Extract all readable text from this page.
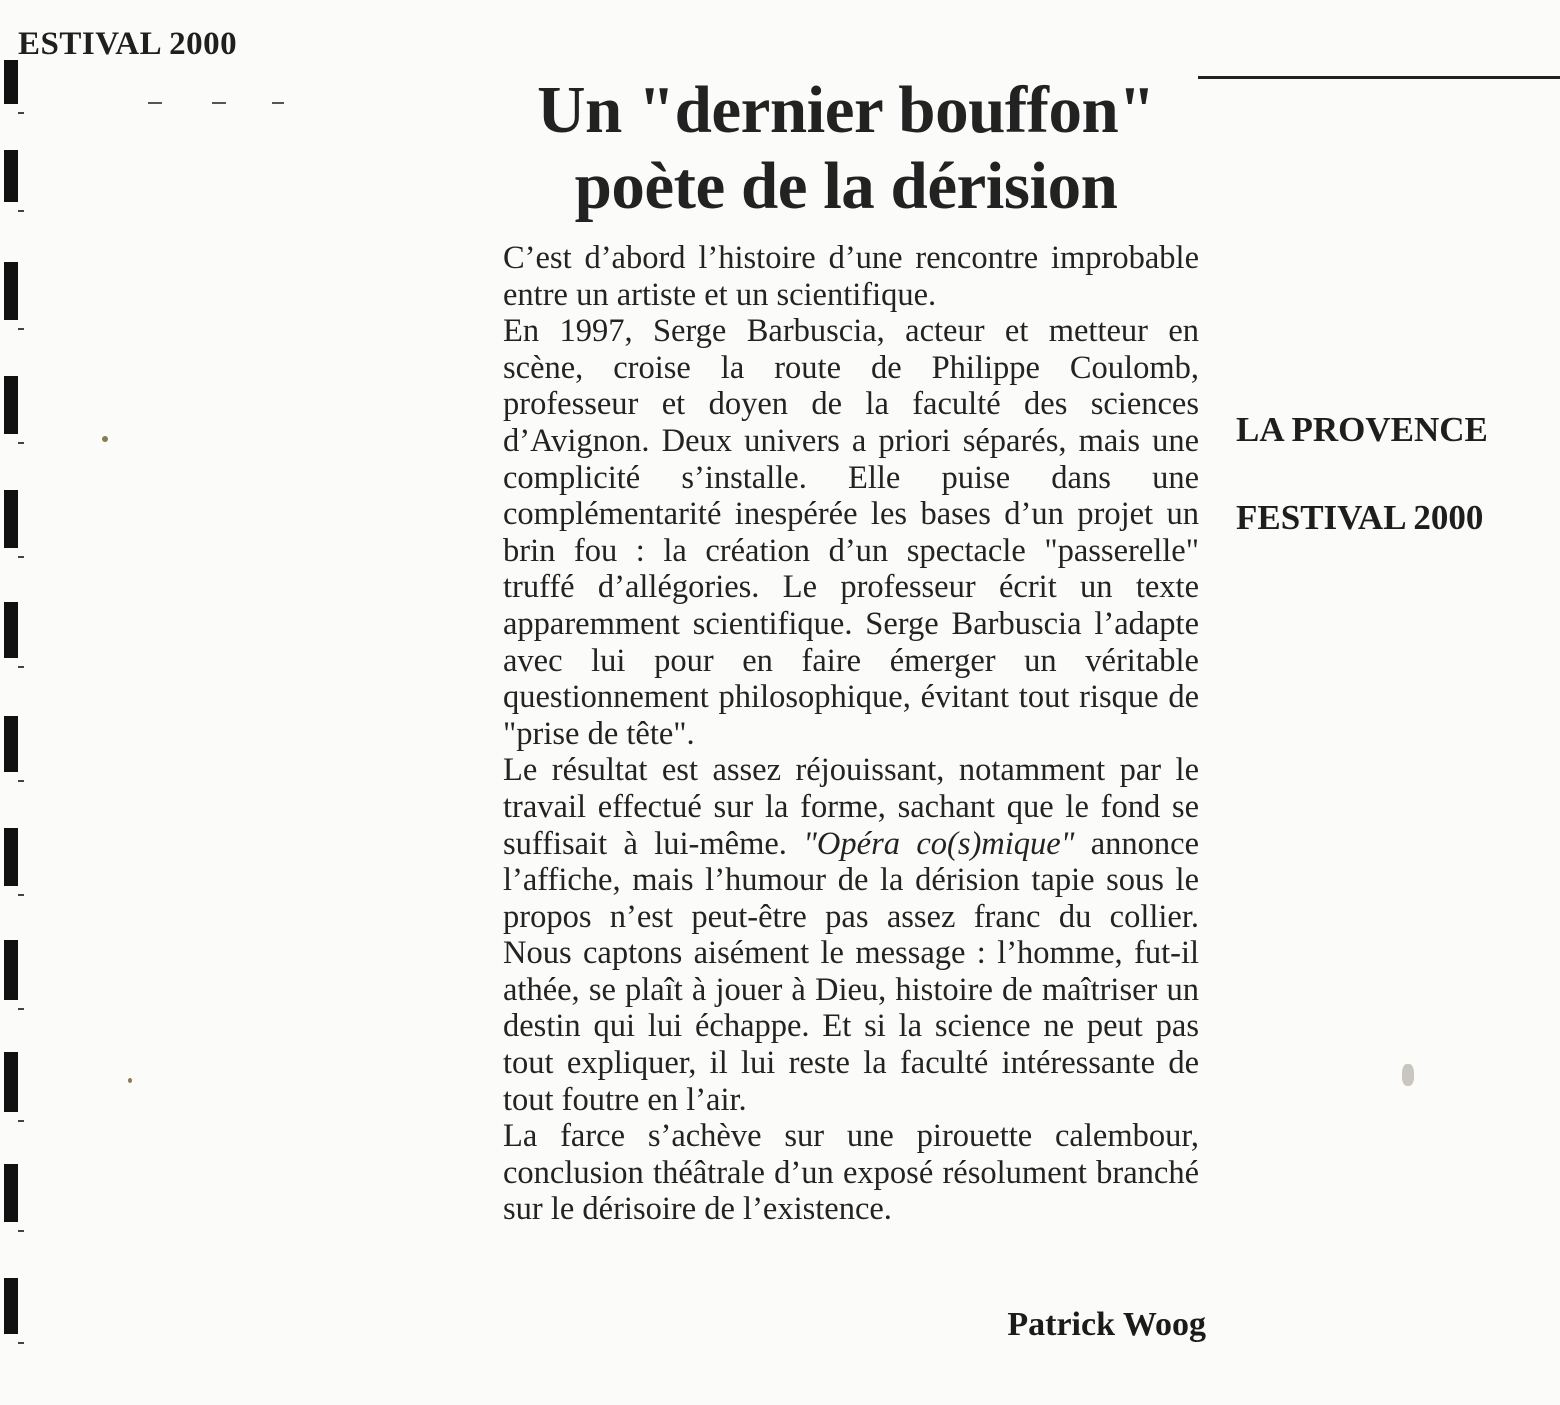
ESTIVAL 2000
Un "dernier bouffon"
poète de la dérision

C’est d’abord l’histoire d’une rencontre improbable entre un artiste et un scientifique.

En 1997, Serge Barbuscia, acteur et metteur en scène, croise la route de Philippe Coulomb, professeur et doyen de la faculté des sciences d’Avignon. Deux univers a priori séparés, mais une complicité s’installe. Elle puise dans une complémentarité inespérée les bases d’un projet un brin fou : la création d’un spectacle "passerelle" truffé d’allégories. Le professeur écrit un texte apparemment scientifique. Serge Barbuscia l’adapte avec lui pour en faire émerger un véritable questionnement philosophique, évitant tout risque de "prise de tête".

Le résultat est assez réjouissant, notamment par le travail effectué sur la forme, sachant que le fond se suffisait à lui-même. "Opéra co(s)mique" annonce l’affiche, mais l’humour de la dérision tapie sous le propos n’est peut-être pas assez franc du collier. Nous captons aisément le message : l’homme, fut-il athée, se plaît à jouer à Dieu, histoire de maîtriser un destin qui lui échappe. Et si la science ne peut pas tout expliquer, il lui reste la faculté intéressante de tout foutre en l’air.

La farce s’achève sur une pirouette calembour, conclusion théâtrale d’un exposé résolument branché sur le dérisoire de l’existence.

Patrick Woog
LA PROVENCE
FESTIVAL 2000
